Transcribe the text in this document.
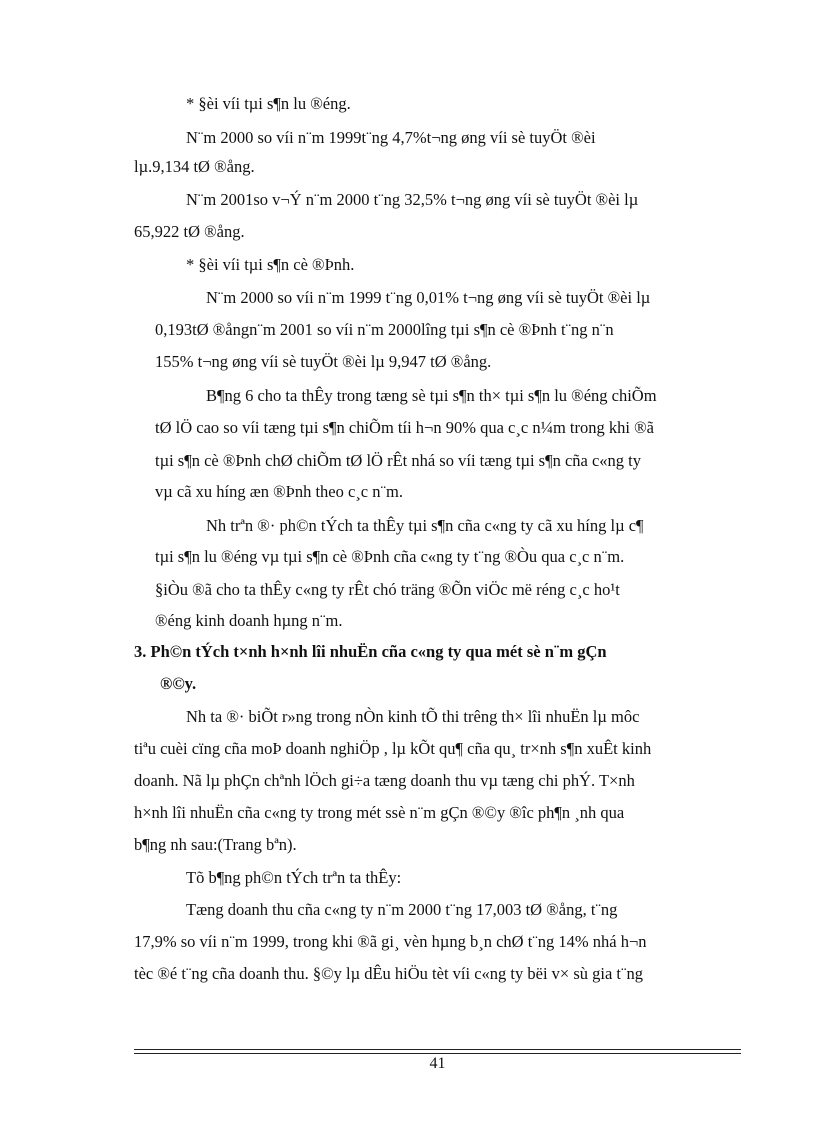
* §èi víi tµi s¶n lu ®éng.
N¨m 2000 so víi n¨m 1999t¨ng 4,7%t¬ng øng víi sè tuyÖt ®èi
lµ.9,134 tØ ®ång.
N¨m 2001so v¬Ý n¨m 2000 t¨ng 32,5% t¬ng øng víi sè tuyÖt ®èi lµ
65,922 tØ ®ång.
* §èi víi tµi s¶n cè ®Þnh.
N¨m 2000 so víi n¨m 1999 t¨ng 0,01% t¬ng øng víi sè tuyÖt ®èi lµ
0,193tØ ®ångn¨m 2001 so víi n¨m 2000lîng tµi s¶n cè ®Þnh t¨ng n¨n
155% t¬ng øng víi sè tuyÖt ®èi lµ 9,947 tØ ®ång.
B¶ng 6 cho ta thÊy trong tæng sè tµi s¶n th× tµi s¶n lu ®éng chiÕm
tØ lÖ cao so víi tæng tµi s¶n chiÕm tíi h¬n 90% qua c¸c n¼m trong khi ®ã
tµi s¶n cè ®Þnh chØ chiÕm tØ lÖ rÊt nhá so víi tæng tµi s¶n cña c«ng ty
vµ cã xu híng æn ®Þnh theo c¸c n¨m.
Nh trªn ®· ph©n tÝch ta thÊy tµi s¶n cña c«ng ty cã xu híng lµ c¶
tµi s¶n lu ®éng vµ tµi s¶n cè ®Þnh cña c«ng ty t¨ng ®Òu qua c¸c n¨m.
§iÒu ®ã cho ta thÊy c«ng ty rÊt chó träng ®Õn viÖc më réng c¸c ho¹t
®éng kinh doanh hµng n¨m.
3. Ph©n tÝch t×nh h×nh lîi nhuËn cña c«ng ty qua mét sè n¨m gÇn
®©y.
Nh ta ®· biÕt r»ng trong nÒn kinh tÕ thi trêng th× lîi nhuËn lµ môc
tiªu cuèi cïng cña moÞ doanh nghiÖp , lµ kÕt qu¶ cña qu¸ tr×nh s¶n xuÊt kinh
doanh. Nã lµ phÇn chªnh lÖch gi÷a tæng doanh thu vµ tæng chi phÝ. T×nh
h×nh lîi nhuËn cña c«ng ty trong mét ssè n¨m gÇn ®©y ®îc ph¶n ¸nh qua
b¶ng nh sau:(Trang bªn).
Tõ b¶ng ph©n tÝch trªn ta thÊy:
Tæng doanh thu cña c«ng ty n¨m 2000 t¨ng 17,003 tØ ®ång, t¨ng
17,9% so víi n¨m 1999, trong khi ®ã gi¸ vèn hµng b¸n chØ t¨ng 14% nhá h¬n
tèc ®é t¨ng cña doanh thu. §©y lµ dÊu hiÖu tèt víi c«ng ty bëi v× sù gia t¨ng
41
